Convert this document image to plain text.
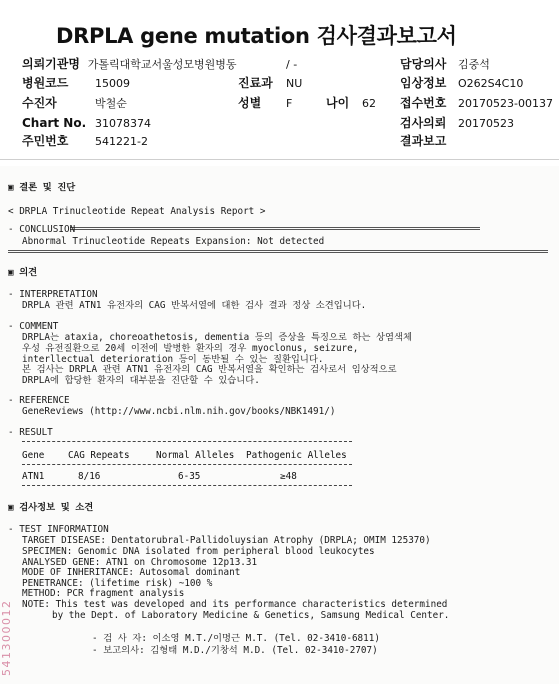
DRPLA gene mutation 검사결과보고서
의뢰기관명 가톨릭대학교서울성모병원병동	/ -
병원코드 15009
수진자	박철순
Chart No. 31078374
주민번호 541221-2
진료과 NU
성별 F	나이 62
담당의사 김중석
임상정보 O262S4C10
접수번호 20170523-00137
검사의뢰 20170523
결과보고
▣ 결론 및 진단
< DRPLA Trinucleotide Repeat Analysis Report >
- CONCLUSION
Abnormal Trinucleotide Repeats Expansion: Not detected
▣ 의견
- INTERPRETATION
DRPLA 관련 ATN1 유전자의 CAG 반복서열에 대한 검사 결과 정상 소견입니다.
- COMMENT
DRPLA는 ataxia, choreoathetosis, dementia 등의 증상을 특징으로 하는 상염색체
우성 유전질환으로 20세 이전에 발병한 환자의 경우 myoclonus, seizure,
interllectual deterioration 등이 동반될 수 있는 질환입니다.
본 검사는 DRPLA 관련 ATN1 유전자의 CAG 반복서열을 확인하는 검사로서 임상적으로
DRPLA에 합당한 환자의 대부분을 진단할 수 있습니다.
- REFERENCE
GeneReviews (http://www.ncbi.nlm.nih.gov/books/NBK1491/)
- RESULT
Gene	CAG Repeats	Normal Alleles Pathogenic Alleles
ATN1	8/16	6-35	≥48
▣ 검사정보 및 소견
- TEST INFORMATION
TARGET DISEASE: Dentatorubral-Pallidoluysian Atrophy (DRPLA; OMIM 125370)
SPECIMEN: Genomic DNA isolated from peripheral blood leukocytes
ANALYSED GENE: ATN1 on Chromosome 12p13.31
MODE OF INHERITANCE: Autosomal dominant
PENETRANCE: (lifetime risk) ~100 %
METHOD: PCR fragment analysis
NOTE: This test was developed and its performance characteristics determined
by the Dept. of Laboratory Medicine & Genetics, Samsung Medical Center.
- 검 사 자: 이소영 M.T./이명근 M.T. (Tel. 02-3410-6811)
- 보고의사: 김형태 M.D./기창석 M.D. (Tel. 02-3410-2707)
541300012
